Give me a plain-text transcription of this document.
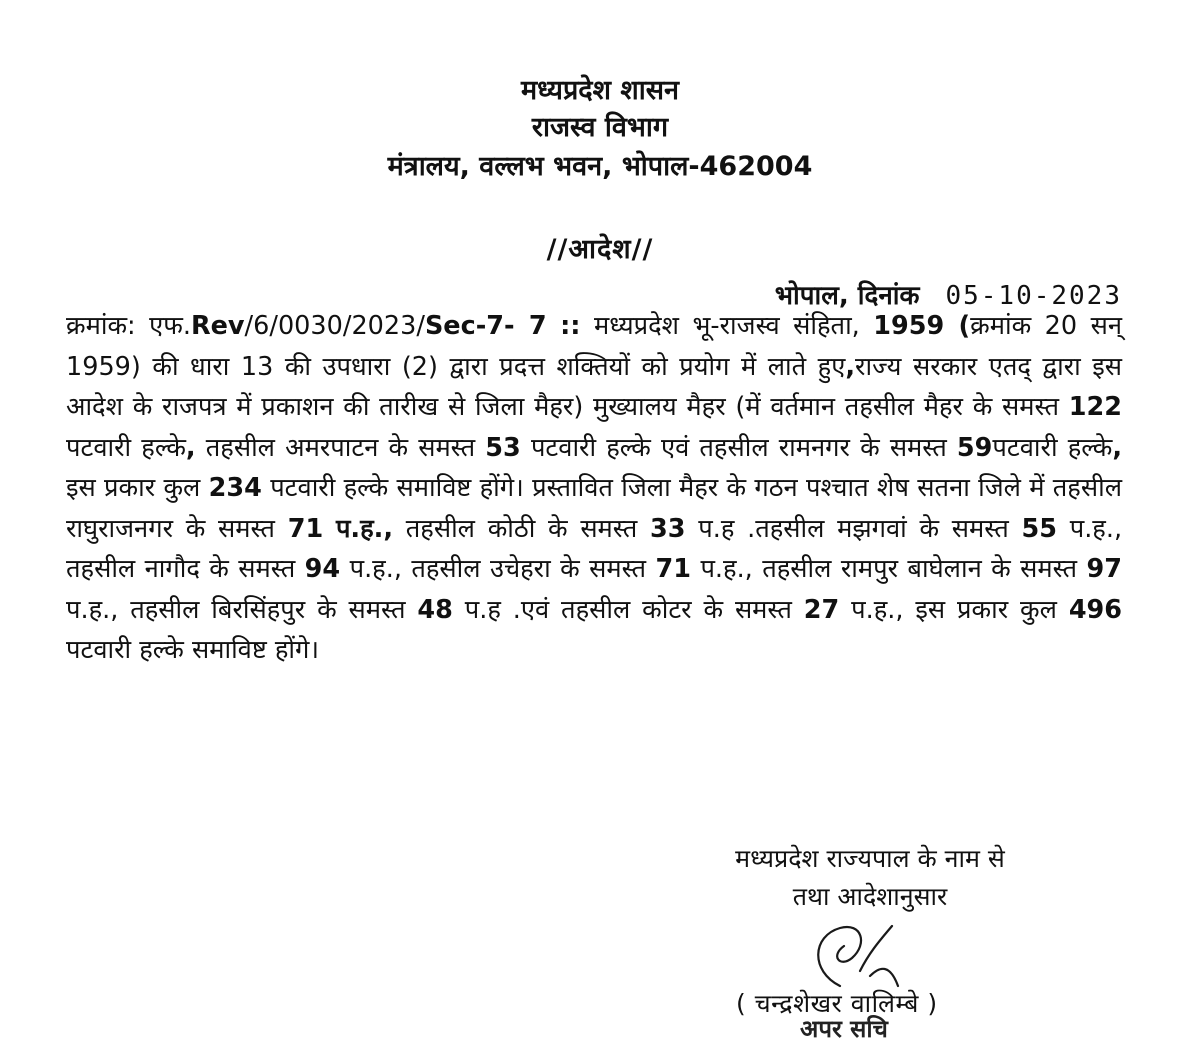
मध्यप्रदेश शासन
राजस्व विभाग
मंत्रालय, वल्लभ भवन, भोपाल-462004
//आदेश//
भोपाल, दिनांक 05-10-2023
क्रमांक: एफ.Rev/6/0030/2023/Sec-7- 7 :: मध्यप्रदेश भू-राजस्व संहिता, 1959 (क्रमांक 20 सन् 1959) की धारा 13 की उपधारा (2) द्वारा प्रदत्त शक्तियों को प्रयोग में लाते हुए,राज्य सरकार एतद् द्वारा इस आदेश के राजपत्र में प्रकाशन की तारीख से जिला मैहर) मुख्यालय मैहर (में वर्तमान तहसील मैहर के समस्त 122 पटवारी हल्के, तहसील अमरपाटन के समस्त 53 पटवारी हल्के एवं तहसील रामनगर के समस्त 59पटवारी हल्के, इस प्रकार कुल 234 पटवारी हल्के समाविष्ट होंगे। प्रस्तावित जिला मैहर के गठन पश्चात शेष सतना जिले में तहसील राघुराजनगर के समस्त 71 प.ह., तहसील कोठी के समस्त 33 प.ह .तहसील मझगवां के समस्त 55 प.ह., तहसील नागौद के समस्त 94 प.ह., तहसील उचेहरा के समस्त 71 प.ह., तहसील रामपुर बाघेलान के समस्त 97 प.ह., तहसील बिरसिंहपुर के समस्त 48 प.ह .एवं तहसील कोटर के समस्त 27 प.ह., इस प्रकार कुल 496 पटवारी हल्के समाविष्ट होंगे।
मध्यप्रदेश राज्यपाल के नाम से
तथा आदेशानुसार
( चन्द्रशेखर वालिम्बे )
अपर सचि
